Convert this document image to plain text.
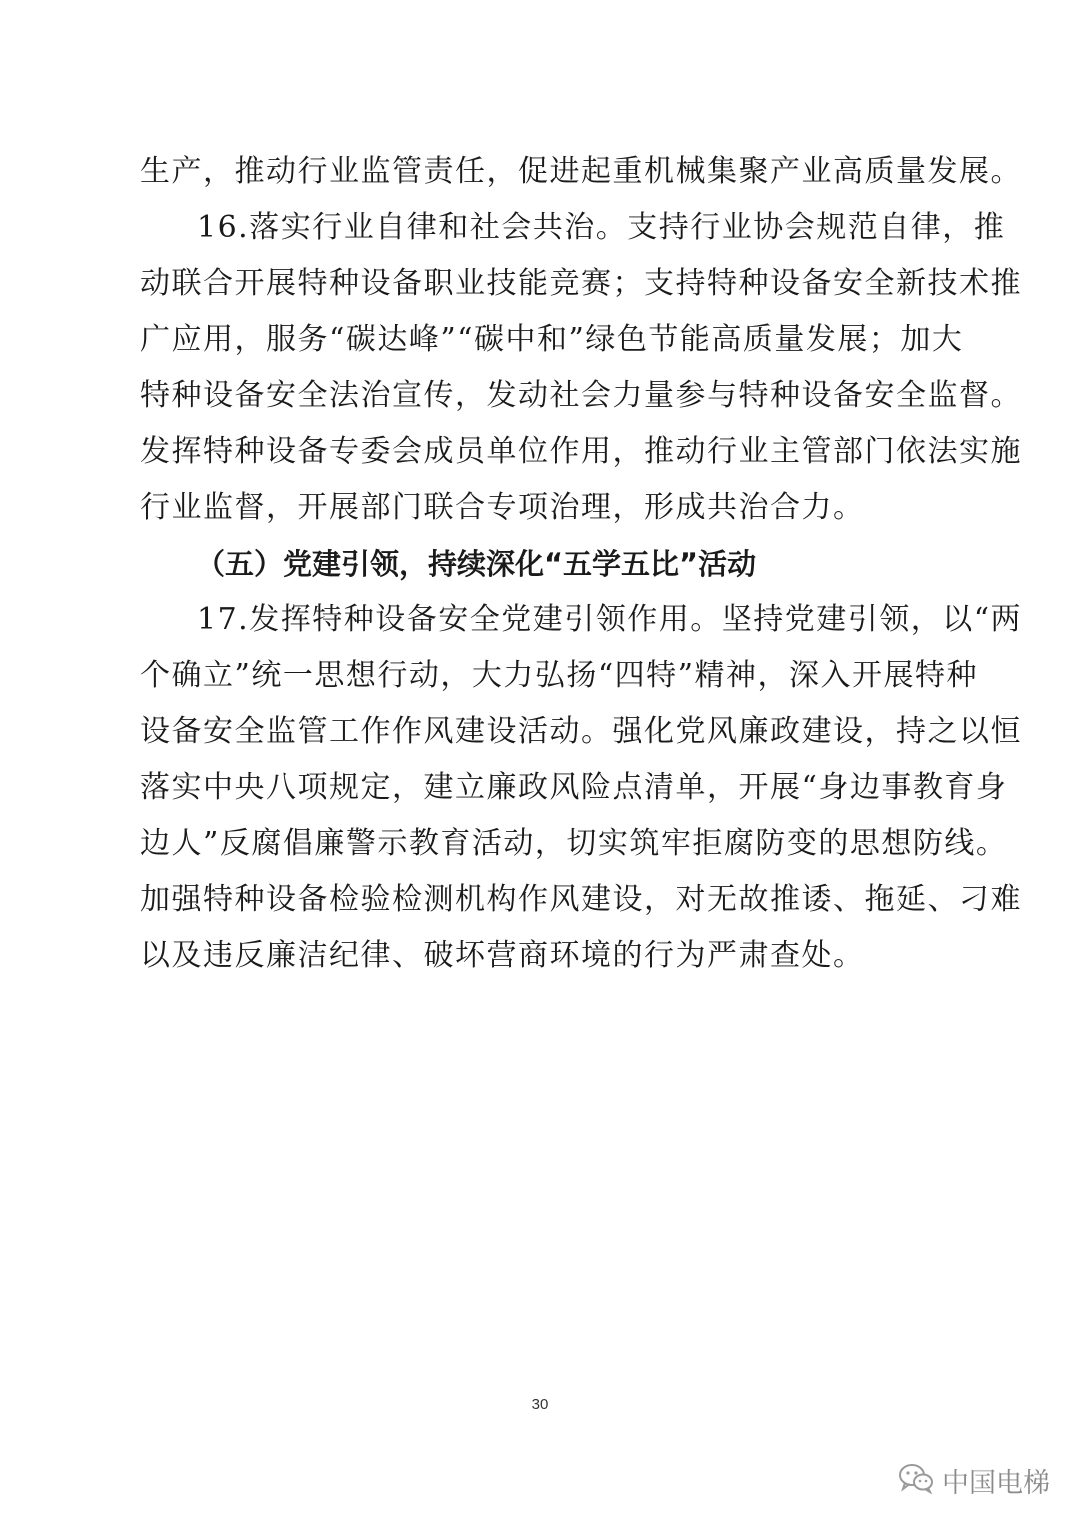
生产，推动行业监管责任，促进起重机械集聚产业高质量发展。
16.落实行业自律和社会共治。支持行业协会规范自律，推
动联合开展特种设备职业技能竞赛；支持特种设备安全新技术推
广应用，服务“碳达峰”“碳中和”绿色节能高质量发展；加大
特种设备安全法治宣传，发动社会力量参与特种设备安全监督。
发挥特种设备专委会成员单位作用，推动行业主管部门依法实施
行业监督，开展部门联合专项治理，形成共治合力。
（五）党建引领，持续深化“五学五比”活动
17.发挥特种设备安全党建引领作用。坚持党建引领，以“两
个确立”统一思想行动，大力弘扬“四特”精神，深入开展特种
设备安全监管工作作风建设活动。强化党风廉政建设，持之以恒
落实中央八项规定，建立廉政风险点清单，开展“身边事教育身
边人”反腐倡廉警示教育活动，切实筑牢拒腐防变的思想防线。
加强特种设备检验检测机构作风建设，对无故推诿、拖延、刁难
以及违反廉洁纪律、破坏营商环境的行为严肃查处。
30
中国电梯
